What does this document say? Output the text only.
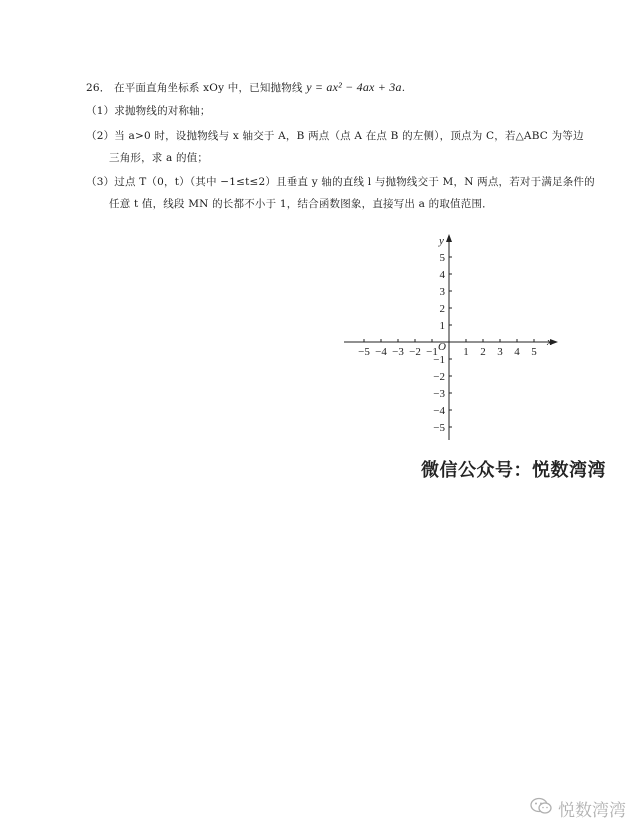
26． 在平面直角坐标系 xOy 中，已知抛物线 y = ax² − 4ax + 3a.
（1）求抛物线的对称轴；
（2）当 a>0 时，设抛物线与 x 轴交于 A，B 两点（点 A 在点 B 的左侧），顶点为 C，若△ABC 为等边
三角形，求 a 的值；
（3）过点 T（0，t）（其中 −1≤t≤2）且垂直 y 轴的直线 l 与抛物线交于 M，N 两点，若对于满足条件的
任意 t 值，线段 MN 的长都不小于 1，结合函数图象，直接写出 a 的取值范围．
x
y
O
−5 −4 −3 −2 −1 1 2 3 4 5
5
4
3
2
1
−1
−2
−3
−4
−5
微信公众号：悦数湾湾
悦数湾湾
